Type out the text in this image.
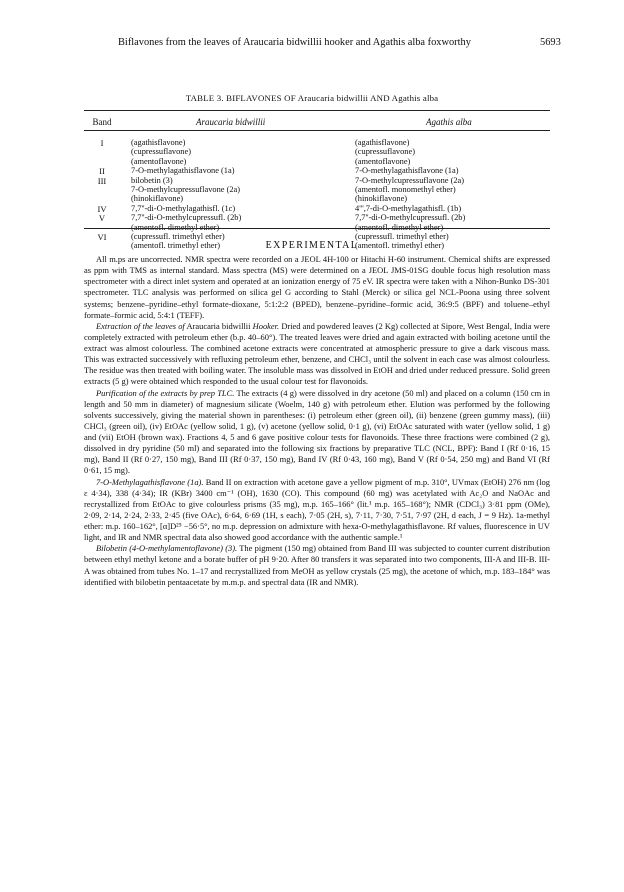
Biflavones from the leaves of Araucaria bidwillii hooker and Agathis alba foxworthy	5693
TABLE 3. BIFLAVONES OF Araucaria bidwillii AND Agathis alba
Band	Araucaria bidwillii	Agathis alba
I	(agathisflavone)	(agathisflavone)
(cupressuflavone)	(cupressuflavone)
(amentoflavone)	(amentoflavone)
II	7-O-methylagathisflavone (1a)	7-O-methylagathisflavone (1a)
III	bilobetin (3)	7-O-methylcupressuflavone (2a)
7-O-methylcupressuflavone (2a)	(amentofl. monomethyl ether)
(hinokiflavone)	(hinokiflavone)
IV	7,7''-di-O-methylagathisfl. (1c)	4''',7-di-O-methylagathisfl. (1b)
V	7,7''-di-O-methylcupressufl. (2b)	7,7''-di-O-methylcupressufl. (2b)
(amentofl. dimethyl ether)	(amentofl. dimethyl ether)
VI	(cupressufl. trimethyl ether)	(cupressufl. trimethyl ether)
(amentofl. trimethyl ether)	(amentofl. trimethyl ether)
EXPERIMENTAL

All m.ps are uncorrected. NMR spectra were recorded on a JEOL 4H-100 or Hitachi H-60 instrument. Chemical shifts are expressed as ppm with TMS as internal standard. Mass spectra (MS) were determined on a JEOL JMS-01SG double focus high resolution mass spectrometer with a direct inlet system and operated at an ionization energy of 75 eV. IR spectra were taken with a Nihon-Bunko DS-301 spectrometer. TLC analysis was performed on silica gel G according to Stahl (Merck) or silica gel NCL-Poona using three solvent systems; benzene–pyridine–ethyl formate-dioxane, 5:1:2:2 (BPED), benzene–pyridine–formic acid, 36:9:5 (BPF) and toluene–ethyl formate–formic acid, 5:4:1 (TEFF).

Extraction of the leaves of Araucaria bidwillii Hooker. Dried and powdered leaves (2 Kg) collected at Sipore, West Bengal, India were completely extracted with petroleum ether (b.p. 40–60°). The treated leaves were dried and again extracted with boiling acetone until the extract was almost colourless. The combined acetone extracts were concentrated at atmospheric pressure to give a dark viscous mass. This was extracted successively with refluxing petroleum ether, benzene, and CHCl₃ until the solvent in each case was almost colourless. The residue was then treated with boiling water. The insoluble mass was dissolved in EtOH and dried under reduced pressure. Solid green extracts (5 g) were obtained which responded to the usual colour test for flavonoids.

Purification of the extracts by prep TLC. The extracts (4 g) were dissolved in dry acetone (50 ml) and placed on a column (150 cm in length and 50 mm in diameter) of magnesium silicate (Woelm, 140 g) with petroleum ether. Elution was performed by the following solvents successively, giving the material shown in parentheses: (i) petroleum ether (green oil), (ii) benzene (green gummy mass), (iii) CHCl₃ (green oil), (iv) EtOAc (yellow solid, 1 g), (v) acetone (yellow solid, 0·1 g), (vi) EtOAc saturated with water (yellow solid, 1 g) and (vii) EtOH (brown wax). Fractions 4, 5 and 6 gave positive colour tests for flavonoids. These three fractions were combined (2 g), dissolved in dry pyridine (50 ml) and separated into the following six fractions by preparative TLC (NCL, BPF): Band I (Rf 0·16, 15 mg), Band II (Rf 0·27, 150 mg), Band III (Rf 0·37, 150 mg), Band IV (Rf 0·43, 160 mg), Band V (Rf 0·54, 250 mg) and Band VI (Rf 0·61, 15 mg).

7-O-Methylagathisflavone (1a). Band II on extraction with acetone gave a yellow pigment of m.p. 310°, UVmax (EtOH) 276 nm (log ε 4·34), 338 (4·34); IR (KBr) 3400 cm⁻¹ (OH), 1630 (CO). This compound (60 mg) was acetylated with Ac₂O and NaOAc and recrystallized from EtOAc to give colourless prisms (35 mg), m.p. 165–166° (lit.¹ m.p. 165–168°); NMR (CDCl₃) 3·81 ppm (OMe), 2·09, 2·14, 2·24, 2·33, 2·45 (five OAc), 6·64, 6·69 (1H, s each), 7·05 (2H, s), 7·11, 7·30, 7·51, 7·97 (2H, d each, J = 9 Hz). 1a-methyl ether: m.p. 160–162°, [α]D²⁵ −56·5°, no m.p. depression on admixture with hexa-O-methylagathisflavone. Rf values, fluorescence in UV light, and IR and NMR spectral data also showed good accordance with the authentic sample.¹

Bilobetin (4-O-methylamentoflavone) (3). The pigment (150 mg) obtained from Band III was subjected to counter current distribution between ethyl methyl ketone and a borate buffer of pH 9·20. After 80 transfers it was separated into two components, III-A and III-B. III-A was obtained from tubes No. 1–17 and recrystallized from MeOH as yellow crystals (25 mg), the acetone of which, m.p. 183–184° was identified with bilobetin pentaacetate by m.m.p. and spectral data (IR and NMR).
